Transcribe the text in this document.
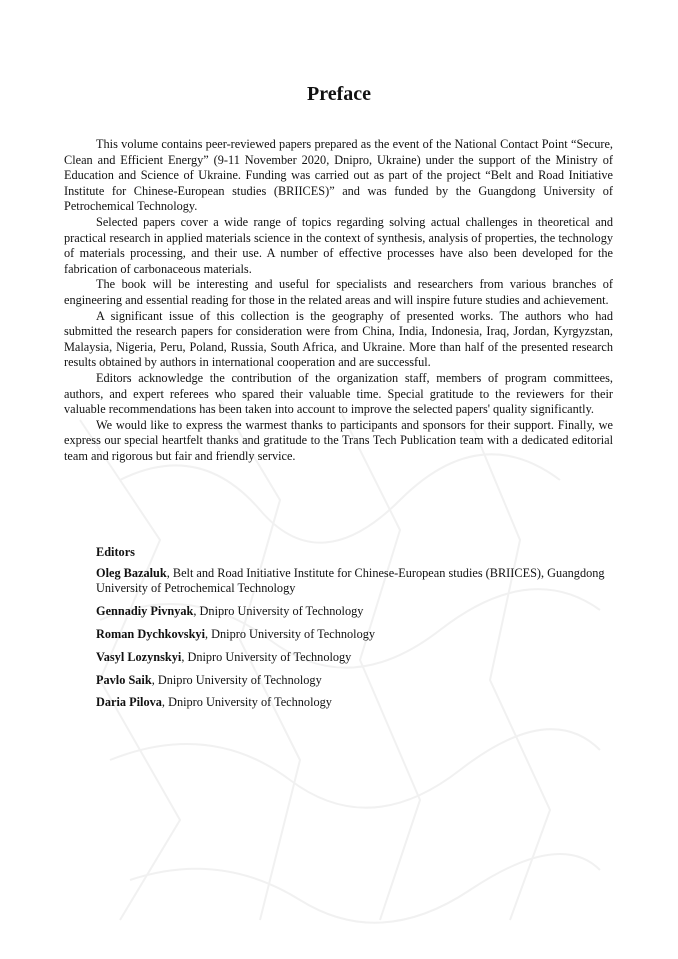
Preface

This volume contains peer-reviewed papers prepared as the event of the National Contact Point “Secure, Clean and Efficient Energy” (9-11 November 2020, Dnipro, Ukraine) under the support of the Ministry of Education and Science of Ukraine. Funding was carried out as part of the project “Belt and Road Initiative Institute for Chinese-European studies (BRIICES)” and was funded by the Guangdong University of Petrochemical Technology.

Selected papers cover a wide range of topics regarding solving actual challenges in theoretical and practical research in applied materials science in the context of synthesis, analysis of properties, the technology of materials processing, and their use. A number of effective processes have also been developed for the fabrication of carbonaceous materials.

The book will be interesting and useful for specialists and researchers from various branches of engineering and essential reading for those in the related areas and will inspire future studies and achievement.

A significant issue of this collection is the geography of presented works. The authors who had submitted the research papers for consideration were from China, India, Indonesia, Iraq, Jordan, Kyrgyzstan, Malaysia, Nigeria, Peru, Poland, Russia, South Africa, and Ukraine. More than half of the presented research results obtained by authors in international cooperation and are successful.

Editors acknowledge the contribution of the organization staff, members of program committees, authors, and expert referees who spared their valuable time. Special gratitude to the reviewers for their valuable recommendations has been taken into account to improve the selected papers' quality significantly.

We would like to express the warmest thanks to participants and sponsors for their support. Finally, we express our special heartfelt thanks and gratitude to the Trans Tech Publication team with a dedicated editorial team and rigorous but fair and friendly service.

Editors
Oleg Bazaluk, Belt and Road Initiative Institute for Chinese-European studies (BRIICES), Guangdong University of Petrochemical Technology
Gennadiy Pivnyak, Dnipro University of Technology
Roman Dychkovskyi, Dnipro University of Technology
Vasyl Lozynskyi, Dnipro University of Technology
Pavlo Saik, Dnipro University of Technology
Daria Pilova, Dnipro University of Technology
